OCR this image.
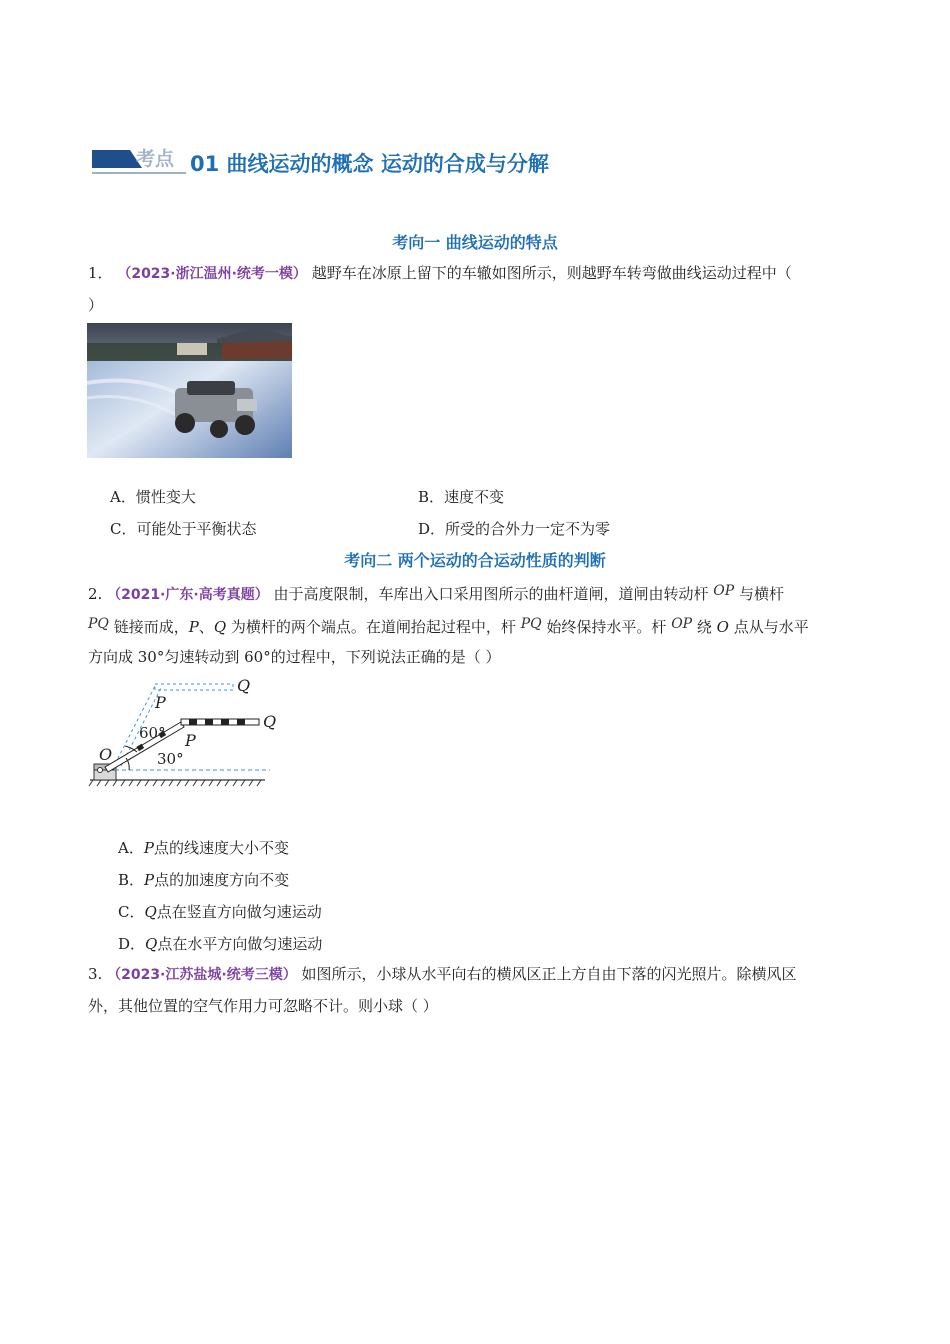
考点 01 曲线运动的概念 运动的合成与分解
考向一 曲线运动的特点
1． （2023·浙江温州·统考一模） 越野车在冰原上留下的车辙如图所示，则越野车转弯做曲线运动过程中（
）
A．惯性变大	B．速度不变
C．可能处于平衡状态	D．所受的合外力一定不为零
考向二 两个运动的合运动性质的判断
2. （2021·广东·高考真题） 由于高度限制，车库出入口采用图所示的曲杆道闸，道闸由转动杆 OP 与横杆
PQ 链接而成，P、Q 为横杆的两个端点。在道闸抬起过程中，杆 PQ 始终保持水平。杆 OP 绕 O 点从与水平
方向成 30°匀速转动到 60°的过程中，下列说法正确的是（ ）
O
P
Q
P
Q
60°
30°
A．P点的线速度大小不变
B．P点的加速度方向不变
C．Q点在竖直方向做匀速运动
D．Q点在水平方向做匀速运动
3. （2023·江苏盐城·统考三模） 如图所示，小球从水平向右的横风区正上方自由下落的闪光照片。除横风区
外，其他位置的空气作用力可忽略不计。则小球（ ）
